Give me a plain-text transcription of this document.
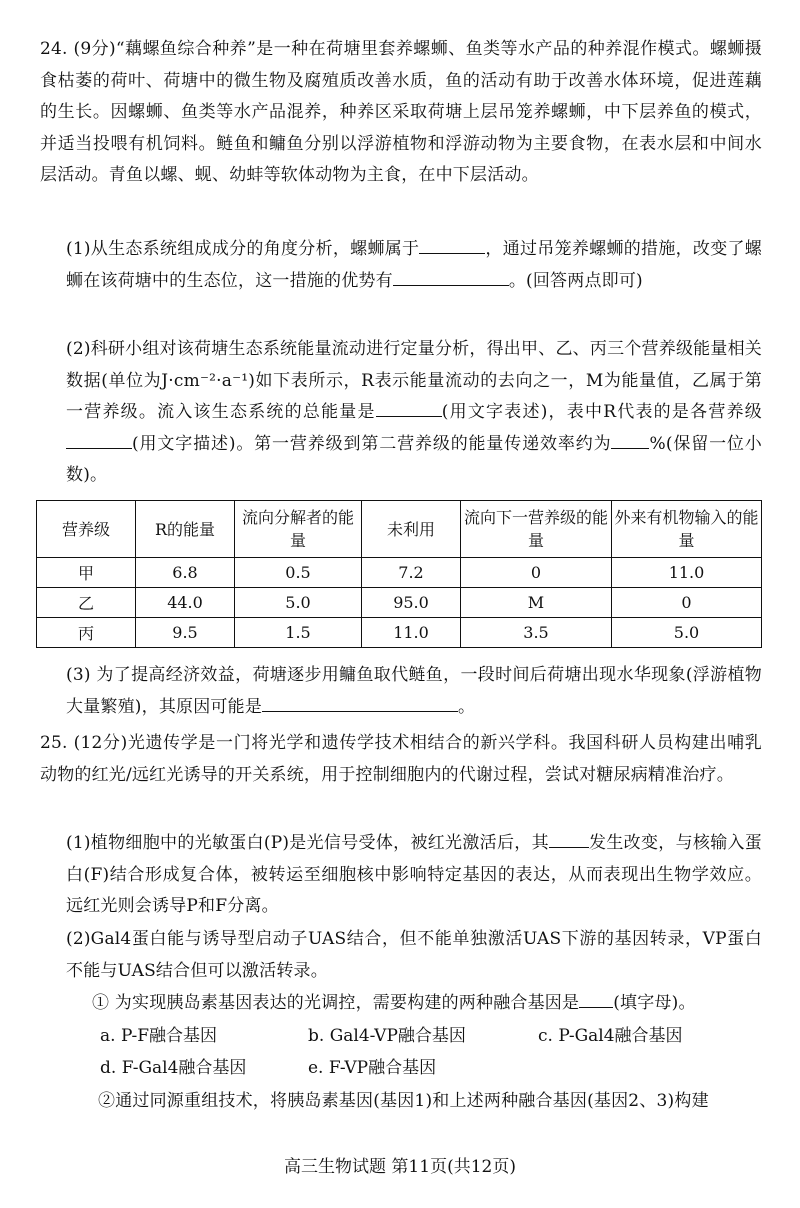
24. (9分)“藕螺鱼综合种养”是一种在荷塘里套养螺蛳、鱼类等水产品的种养混作模式。螺蛳摄食枯萎的荷叶、荷塘中的微生物及腐殖质改善水质，鱼的活动有助于改善水体环境，促进莲藕的生长。因螺蛳、鱼类等水产品混养，种养区采取荷塘上层吊笼养螺蛳，中下层养鱼的模式，并适当投喂有机饲料。鲢鱼和鳙鱼分别以浮游植物和浮游动物为主要食物，在表水层和中间水层活动。青鱼以螺、蚬、幼蚌等软体动物为主食，在中下层活动。
(1)从生态系统组成成分的角度分析，螺蛳属于	，通过吊笼养螺蛳的措施，改变了螺蛳在该荷塘中的生态位，这一措施的优势有	。(回答两点即可)
(2)科研小组对该荷塘生态系统能量流动进行定量分析，得出甲、乙、丙三个营养级能量相关数据(单位为J·cm⁻²·a⁻¹)如下表所示，R表示能量流动的去向之一，M为能量值，乙属于第一营养级。流入该生态系统的总能量是	(用文字表述)，表中R代表的是各营养级(用文字描述)。第一营养级到第二营养级的能量传递效率约为 %(保留一位小数)。
营养级	R的能量	流向分解者的能量	未利用	流向下一营养级的能量	外来有机物输入的能量
甲	6.8	0.5	7.2	0	11.0
乙	44.0	5.0	95.0	M	0
丙	9.5	1.5	11.0	3.5	5.0
(3) 为了提高经济效益，荷塘逐步用鳙鱼取代鲢鱼，一段时间后荷塘出现水华现象(浮游植物大量繁殖)，其原因可能是	。
25. (12分)光遗传学是一门将光学和遗传学技术相结合的新兴学科。我国科研人员构建出哺乳动物的红光/远红光诱导的开关系统，用于控制细胞内的代谢过程，尝试对糖尿病精准治疗。
(1)植物细胞中的光敏蛋白(P)是光信号受体，被红光激活后，其 发生改变，与核输入蛋白(F)结合形成复合体，被转运至细胞核中影响特定基因的表达，从而表现出生物学效应。远红光则会诱导P和F分离。
(2)Gal4蛋白能与诱导型启动子UAS结合，但不能单独激活UAS下游的基因转录，VP蛋白不能与UAS结合但可以激活转录。
① 为实现胰岛素基因表达的光调控，需要构建的两种融合基因是 (填字母)。
a. P-F融合基因	b. Gal4-VP融合基因	c. P-Gal4融合基因
d. F-Gal4融合基因	e. F-VP融合基因
②通过同源重组技术，将胰岛素基因(基因1)和上述两种融合基因(基因2、3)构建
高三生物试题 第11页(共12页)
